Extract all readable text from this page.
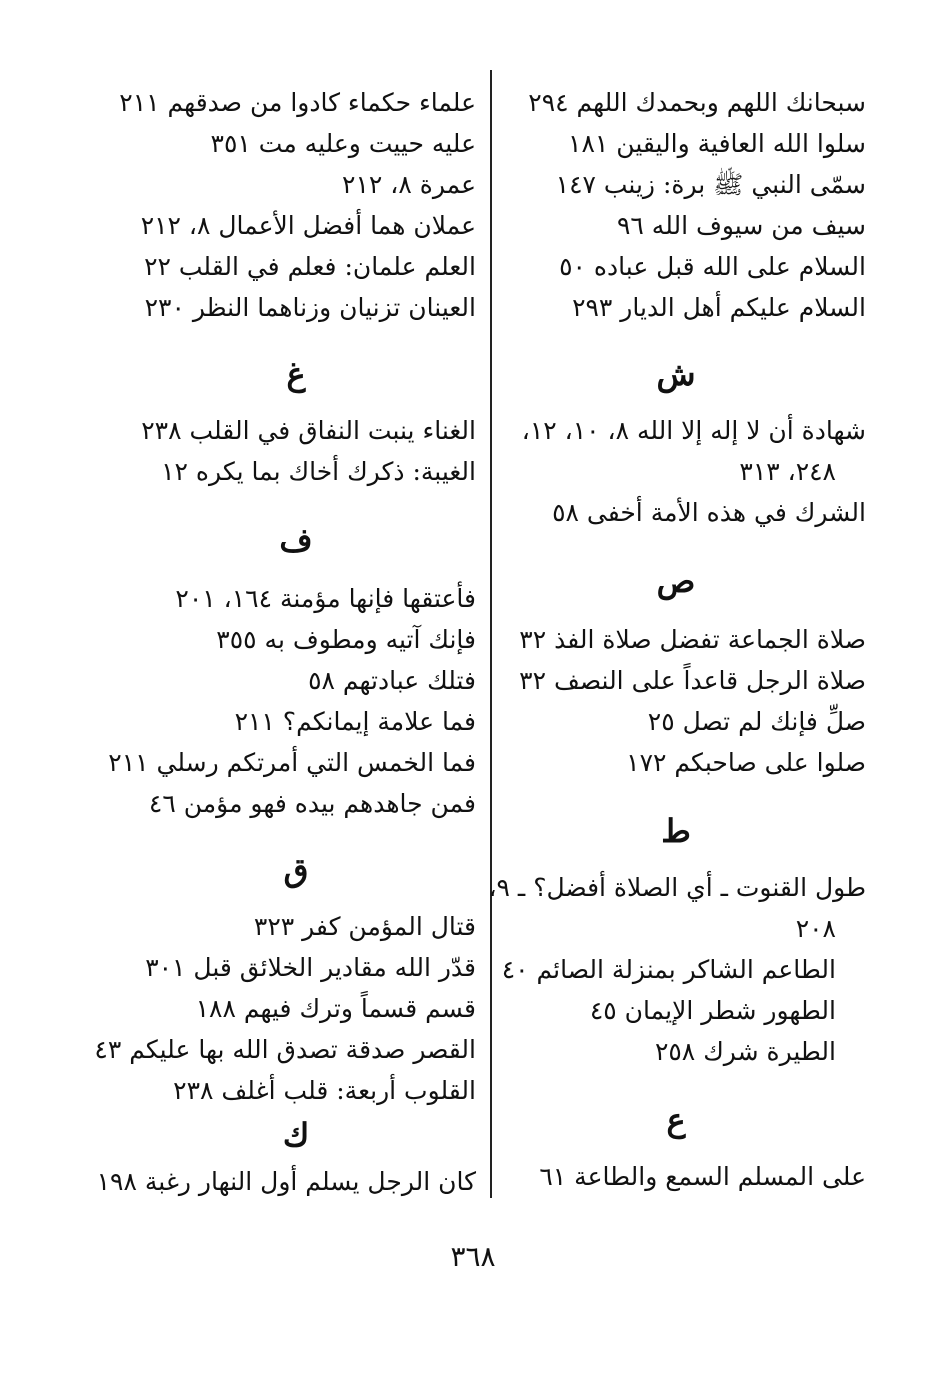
سبحانك اللهم وبحمدك اللهم ٢٩٤
سلوا الله العافية واليقين ١٨١
سمّى النبي ﷺ برة: زينب ١٤٧
سيف من سيوف الله ٩٦
السلام على الله قبل عباده ٥٠
السلام عليكم أهل الديار ٢٩٣
ش
شهادة أن لا إله إلا الله ٨، ١٠، ١٢،
٢٤٨، ٣١٣
الشرك في هذه الأمة أخفى ٥٨
ص
صلاة الجماعة تفضل صلاة الفذ ٣٢
صلاة الرجل قاعداً على النصف ٣٢
صلِّ فإنك لم تصل ٢٥
صلوا على صاحبكم ١٧٢
ط
طول القنوت ـ أي الصلاة أفضل؟ ـ ٩،
٢٠٨
الطاعم الشاكر بمنزلة الصائم ٤٠
الطهور شطر الإيمان ٤٥
الطيرة شرك ٢٥٨
ع
على المسلم السمع والطاعة ٦١
علماء حكماء كادوا من صدقهم ٢١١
عليه حييت وعليه مت ٣٥١
عمرة ٨، ٢١٢
عملان هما أفضل الأعمال ٨، ٢١٢
العلم علمان: فعلم في القلب ٢٢
العينان تزنيان وزناهما النظر ٢٣٠
غ
الغناء ينبت النفاق في القلب ٢٣٨
الغيبة: ذكرك أخاك بما يكره ١٢
ف
فأعتقها فإنها مؤمنة ١٦٤، ٢٠١
فإنك آتيه ومطوف به ٣٥٥
فتلك عبادتهم ٥٨
فما علامة إيمانكم؟ ٢١١
فما الخمس التي أمرتكم رسلي ٢١١
فمن جاهدهم بيده فهو مؤمن ٤٦
ق
قتال المؤمن كفر ٣٢٣
قدّر الله مقادير الخلائق قبل ٣٠١
قسم قسماً وترك فيهم ١٨٨
القصر صدقة تصدق الله بها عليكم ٤٣
القلوب أربعة: قلب أغلف ٢٣٨
ك
كان الرجل يسلم أول النهار رغبة ١٩٨
٣٦٨
